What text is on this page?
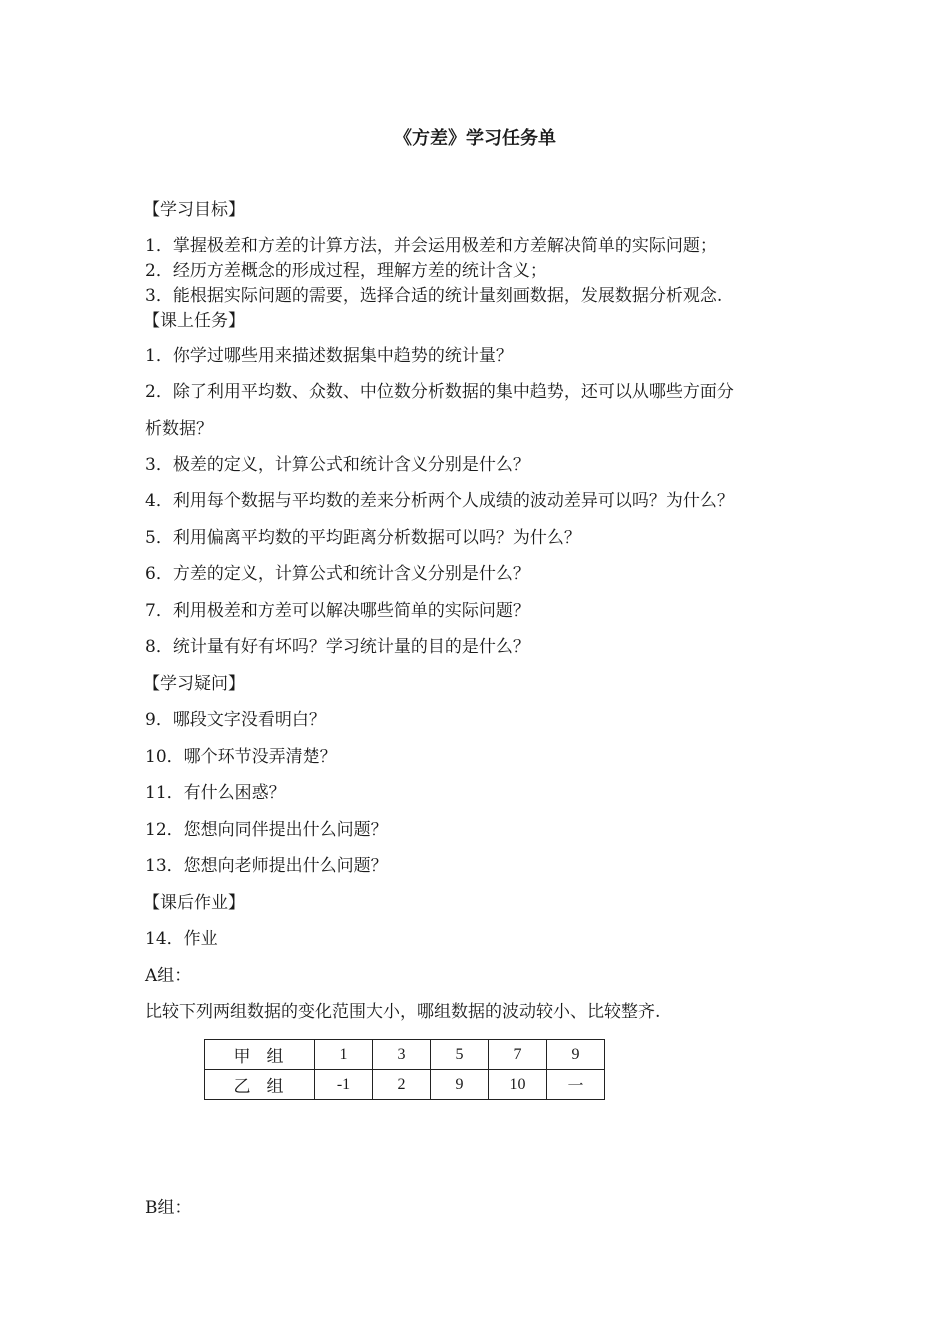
《方差》学习任务单
【学习目标】
1．掌握极差和方差的计算方法，并会运用极差和方差解决简单的实际问题；
2．经历方差概念的形成过程，理解方差的统计含义；
3．能根据实际问题的需要，选择合适的统计量刻画数据，发展数据分析观念.
【课上任务】
1．你学过哪些用来描述数据集中趋势的统计量？
2．除了利用平均数、众数、中位数分析数据的集中趋势，还可以从哪些方面分
析数据？
3．极差的定义，计算公式和统计含义分别是什么？
4．利用每个数据与平均数的差来分析两个人成绩的波动差异可以吗？为什么？
5．利用偏离平均数的平均距离分析数据可以吗？为什么？
6．方差的定义，计算公式和统计含义分别是什么？
7．利用极差和方差可以解决哪些简单的实际问题？
8．统计量有好有坏吗？学习统计量的目的是什么？
【学习疑问】
9．哪段文字没看明白？
10．哪个环节没弄清楚？
11．有什么困惑？
12．您想向同伴提出什么问题？
13．您想向老师提出什么问题？
【课后作业】
14．作业
A组：
比较下列两组数据的变化范围大小，哪组数据的波动较小、比较整齐.
甲组	1	3	5	7	9
乙组	-1	2	9	10	一
B组：
